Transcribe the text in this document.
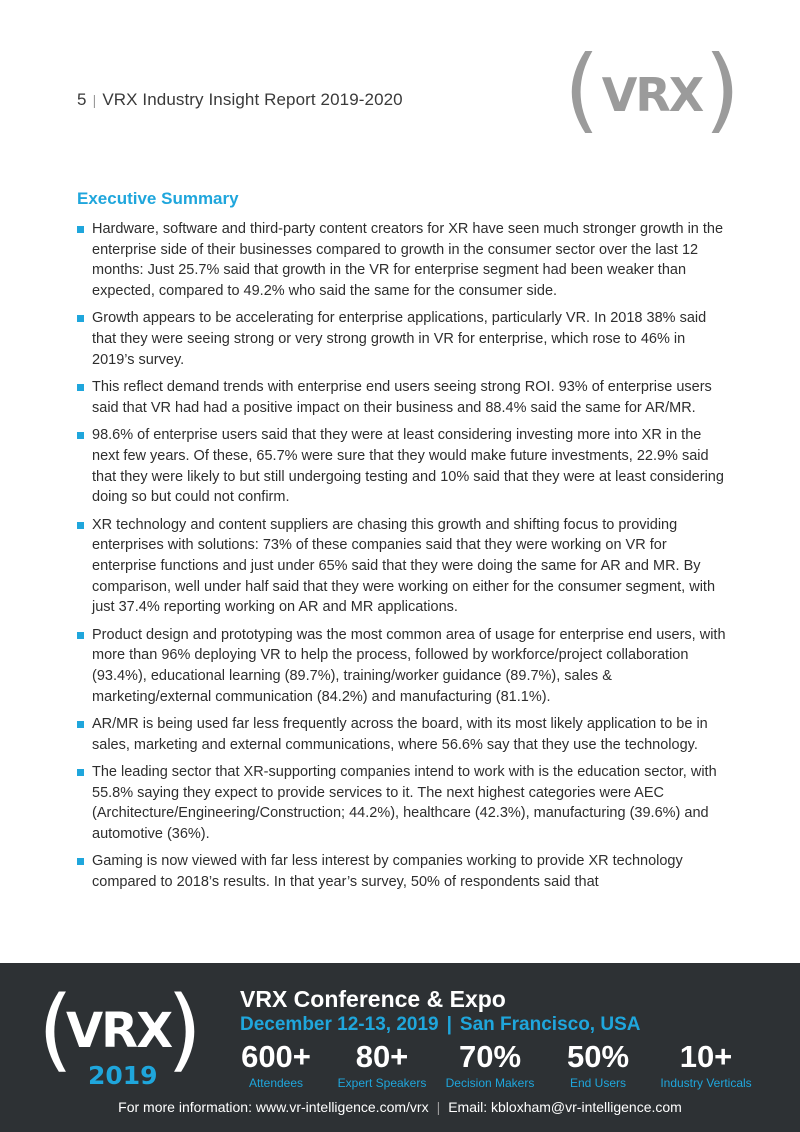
5 | VRX Industry Insight Report 2019-2020 ( VRX )
Executive Summary
Hardware, software and third-party content creators for XR have seen much stronger growth in the enterprise side of their businesses compared to growth in the consumer sector over the last 12 months: Just 25.7% said that growth in the VR for enterprise segment had been weaker than expected, compared to 49.2% who said the same for the consumer side.
Growth appears to be accelerating for enterprise applications, particularly VR. In 2018 38% said that they were seeing strong or very strong growth in VR for enterprise, which rose to 46% in 2019’s survey.
This reflect demand trends with enterprise end users seeing strong ROI. 93% of enterprise users said that VR had had a positive impact on their business and 88.4% said the same for AR/MR.
98.6% of enterprise users said that they were at least considering investing more into XR in the next few years. Of these, 65.7% were sure that they would make future investments, 22.9% said that they were likely to but still undergoing testing and 10% said that they were at least considering doing so but could not confirm.
XR technology and content suppliers are chasing this growth and shifting focus to providing enterprises with solutions: 73% of these companies said that they were working on VR for enterprise functions and just under 65% said that they were doing the same for AR and MR. By comparison, well under half said that they were working on either for the consumer segment, with just 37.4% reporting working on AR and MR applications.
Product design and prototyping was the most common area of usage for enterprise end users, with more than 96% deploying VR to help the process, followed by workforce/project collaboration (93.4%), educational learning (89.7%), training/worker guidance (89.7%), sales & marketing/external communication (84.2%) and manufacturing (81.1%).
AR/MR is being used far less frequently across the board, with its most likely application to be in sales, marketing and external communications, where 56.6% say that they use the technology.
The leading sector that XR-supporting companies intend to work with is the education sector, with 55.8% saying they expect to provide services to it. The next highest categories were AEC (Architecture/Engineering/Construction; 44.2%), healthcare (42.3%), manufacturing (39.6%) and automotive (36%).
Gaming is now viewed with far less interest by companies working to provide XR technology compared to 2018’s results. In that year’s survey, 50% of respondents said that
(
VRX
)
2019
VRX Conference & Expo
December 12-13, 2019 | San Francisco, USA
600+
Attendees
80+
Expert Speakers
70%
Decision Makers
50%
End Users
10+
Industry Verticals
For more information: www.vr-intelligence.com/vrx | Email: kbloxham@vr-intelligence.com
